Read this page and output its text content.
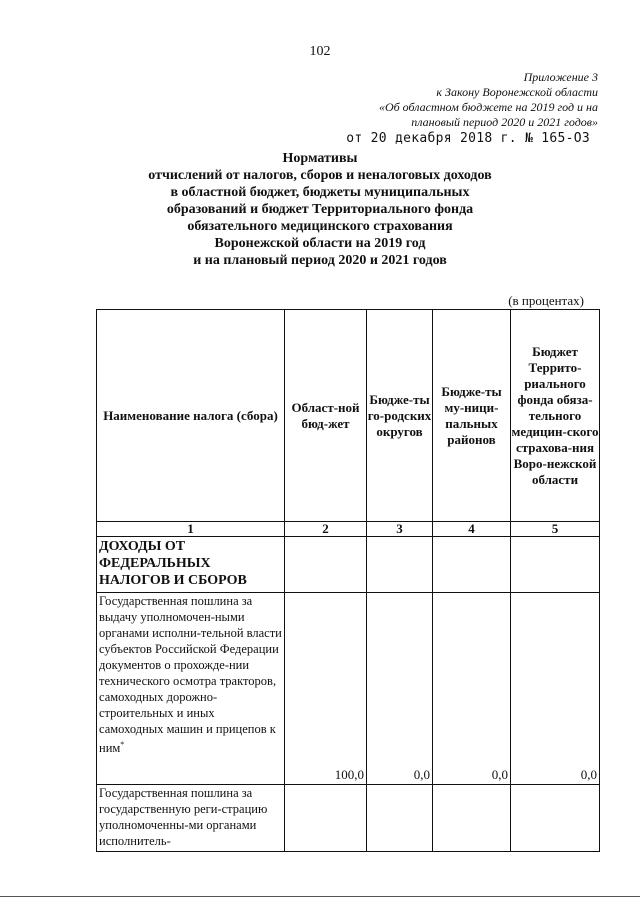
102
Приложение 3
к Закону Воронежской области
«Об областном бюджете на 2019 год и на
плановый период 2020 и 2021 годов»
от 20 декабря 2018 г. № 165-ОЗ
Нормативы
отчислений от налогов, сборов и неналоговых доходов
в областной бюджет, бюджеты муниципальных
образований и бюджет Территориального фонда
обязательного медицинского страхования
Воронежской области на 2019 год
и на плановый период 2020 и 2021 годов
(в процентах)
Наименование налога (сбора)	Област-ной бюд-жет	Бюдже-ты го-родских округов	Бюдже-ты му-ници-пальных районов	Бюджет Террито-риального фонда обяза-тельного медицин-ского страхова-ния Воро-нежской области
1	2	3	4	5
ДОХОДЫ ОТ ФЕДЕРАЛЬНЫХ НАЛОГОВ И СБОРОВ				
Государственная пошлина за выдачу уполномочен-ными органами исполни-тельной власти субъектов Российской Федерации документов о прохожде-нии технического осмотра тракторов, самоходных дорожно-строительных и иных самоходных машин и прицепов к ним*	100,0	0,0	0,0	0,0
Государственная пошлина за государственную реги-страцию уполномоченны-ми органами исполнитель-				
